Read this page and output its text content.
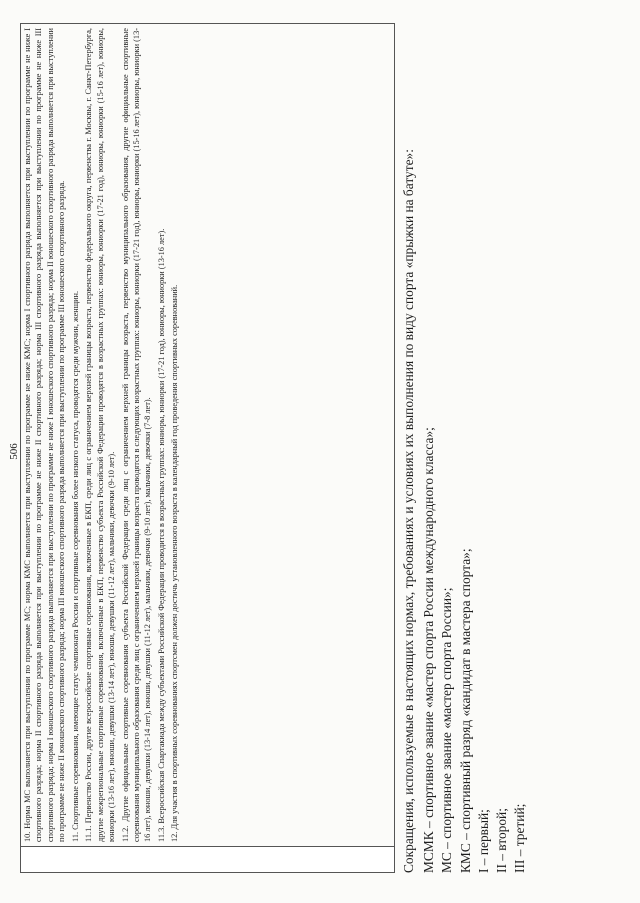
506
	10. Норма МС выполняется при выступлении по программе МС; норма КМС выполняется при выступлении по программе не ниже КМС; норма I спортивного разряда выполняется при выступлении по программе не ниже I спортивного разряда; норма II спортивного разряда выполняется при выступлении по программе не ниже II спортивного разряда; норма III спортивного разряда выполняется при выступлении по программе не ниже III спортивного разряда; норма I юношеского спортивного разряда выполняется при выступлении по программе не ниже I юношеского спортивного разряда; норма II юношеского спортивного разряда выполняется при выступлении по программе не ниже II юношеского спортивного разряда; норма III юношеского спортивного разряда выполняется при выступлении по программе III юношеского спортивного разряда. 11. Спортивные соревнования, имеющие статус чемпионата России и спортивные соревнования более низкого статуса, проводятся среди мужчин, женщин. 11.1. Первенство России, другие всероссийские спортивные соревнования, включенные в ЕКП, среди лиц с ограничением верхней границы возраста, первенство федерального округа, первенства г. Москвы, г. Санкт-Петербурга, другие межрегиональные спортивные соревнования, включенные в ЕКП, первенство субъекта Российской Федерации проводятся в возрастных группах: юниоры, юниорки (17-21 год), юниоры, юниорки (15-16 лет), юниоры, юниорки (13-16 лет), юноши, девушки (13-14 лет), юноши, девушки (11-12 лет), мальчики, девочки (9-10 лет). 11.2. Другие официальные спортивные соревнования субъекта Российской Федерации среди лиц с ограничением верхней границы возраста, первенство муниципального образования, другие официальные спортивные соревнования муниципального образования среди лиц с ограничением верхней границы возраста проводятся в следующих возрастных группах: юниоры, юниорки (17-21 год), юниоры, юниорки (15-16 лет), юниоры, юниорки (13-16 лет), юноши, девушки (13-14 лет), юноши, девушки (11-12 лет), мальчики, девочки (9-10 лет), мальчики, девочки (7-8 лет). 11.3. Всероссийская Спартакиада между субъектами Российской Федерации проводится в возрастных группах: юниоры, юниорки (17-21 год), юниоры, юниорки (13-16 лет). 12. Для участия в спортивных соревнованиях спортсмен должен достичь установленного возраста в календарный год проведения спортивных соревнований.	Сокращения, используемые в настоящих нормах, требованиях и условиях их выполнения по виду спорта «прыжки на батуте»: МСМК – спортивное звание «мастер спорта России международного класса»; МС – спортивное звание «мастер спорта России»; КМС – спортивный разряд «кандидат в мастера спорта»; I – первый; II – второй; III – третий;
